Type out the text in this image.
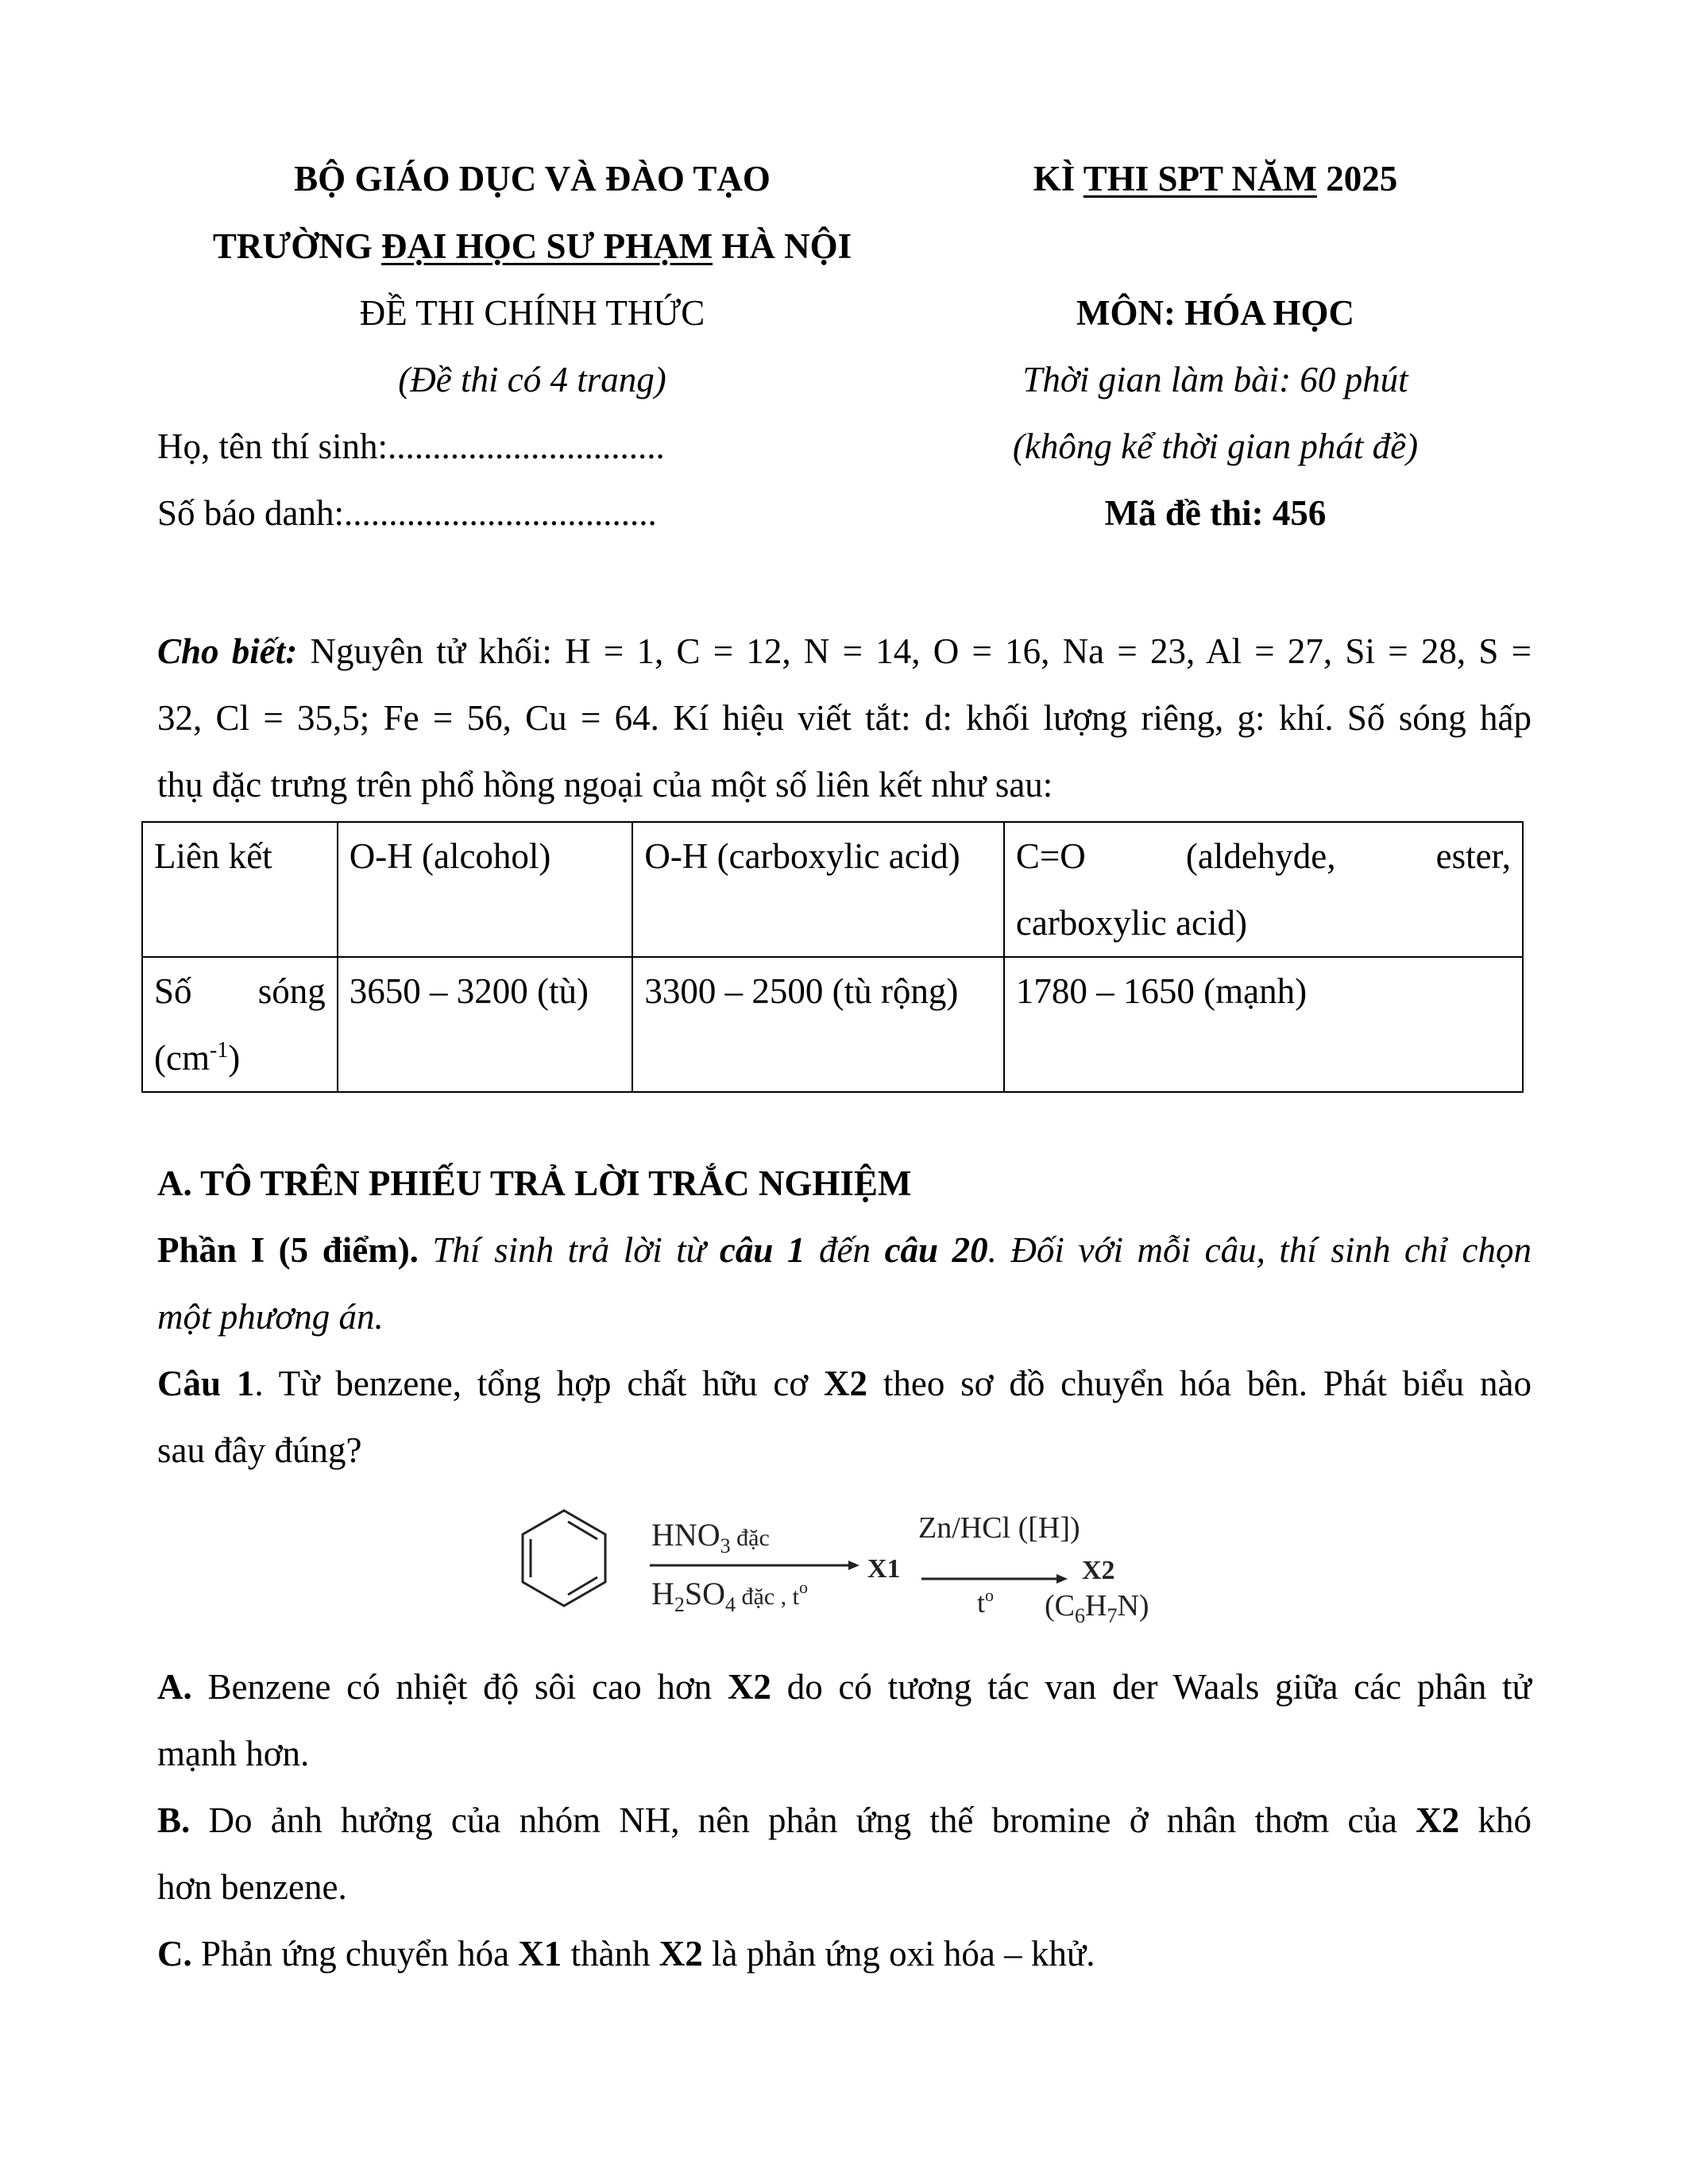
BỘ GIÁO DỤC VÀ ĐÀO TẠO	KÌ THI SPT NĂM 2025
TRƯỜNG ĐẠI HỌC SƯ PHẠM HÀ NỘI
ĐỀ THI CHÍNH THỨC	MÔN: HÓA HỌC
(Đề thi có 4 trang)	Thời gian làm bài: 60 phút
Họ, tên thí sinh:...............................	(không kể thời gian phát đề)
Số báo danh:...................................	Mã đề thi: 456
Cho biết: Nguyên tử khối: H = 1, C = 12, N = 14, O = 16, Na = 23, Al = 27, Si = 28, S =
32, Cl = 35,5; Fe = 56, Cu = 64. Kí hiệu viết tắt: d: khối lượng riêng, g: khí. Số sóng hấp
thụ đặc trưng trên phổ hồng ngoại của một số liên kết như sau:
Liên kết	O-H (alcohol)	O-H (carboxylic acid)	C=O (aldehyde, ester,
carboxylic acid)

Số sóng
$(cm^{-1})$	3650 – 3200 (tù)	3300 – 2500 (tù rộng)	1780 – 1650 (mạnh)
A. TÔ TRÊN PHIẾU TRẢ LỜI TRẮC NGHIỆM
Phần I (5 điểm). Thí sinh trả lời từ câu 1 đến câu 20. Đối với mỗi câu, thí sinh chỉ chọn
một phương án.
Câu 1. Từ benzene, tổng hợp chất hữu cơ X2 theo sơ đồ chuyển hóa bên. Phát biểu nào
sau đây đúng?
$HNO_3$ $^{đặc}$
$H_2SO_4$ $^{đặc , to}$
X1
Zn/HCl ([H])
$t^o$
X2
$(C_6H_7N)$
A. Benzene có nhiệt độ sôi cao hơn X2 do có tương tác van der Waals giữa các phân tử
mạnh hơn.
B. Do ảnh hưởng của nhóm NH, nên phản ứng thế bromine ở nhân thơm của X2 khó
hơn benzene.
C. Phản ứng chuyển hóa X1 thành X2 là phản ứng oxi hóa – khử.
